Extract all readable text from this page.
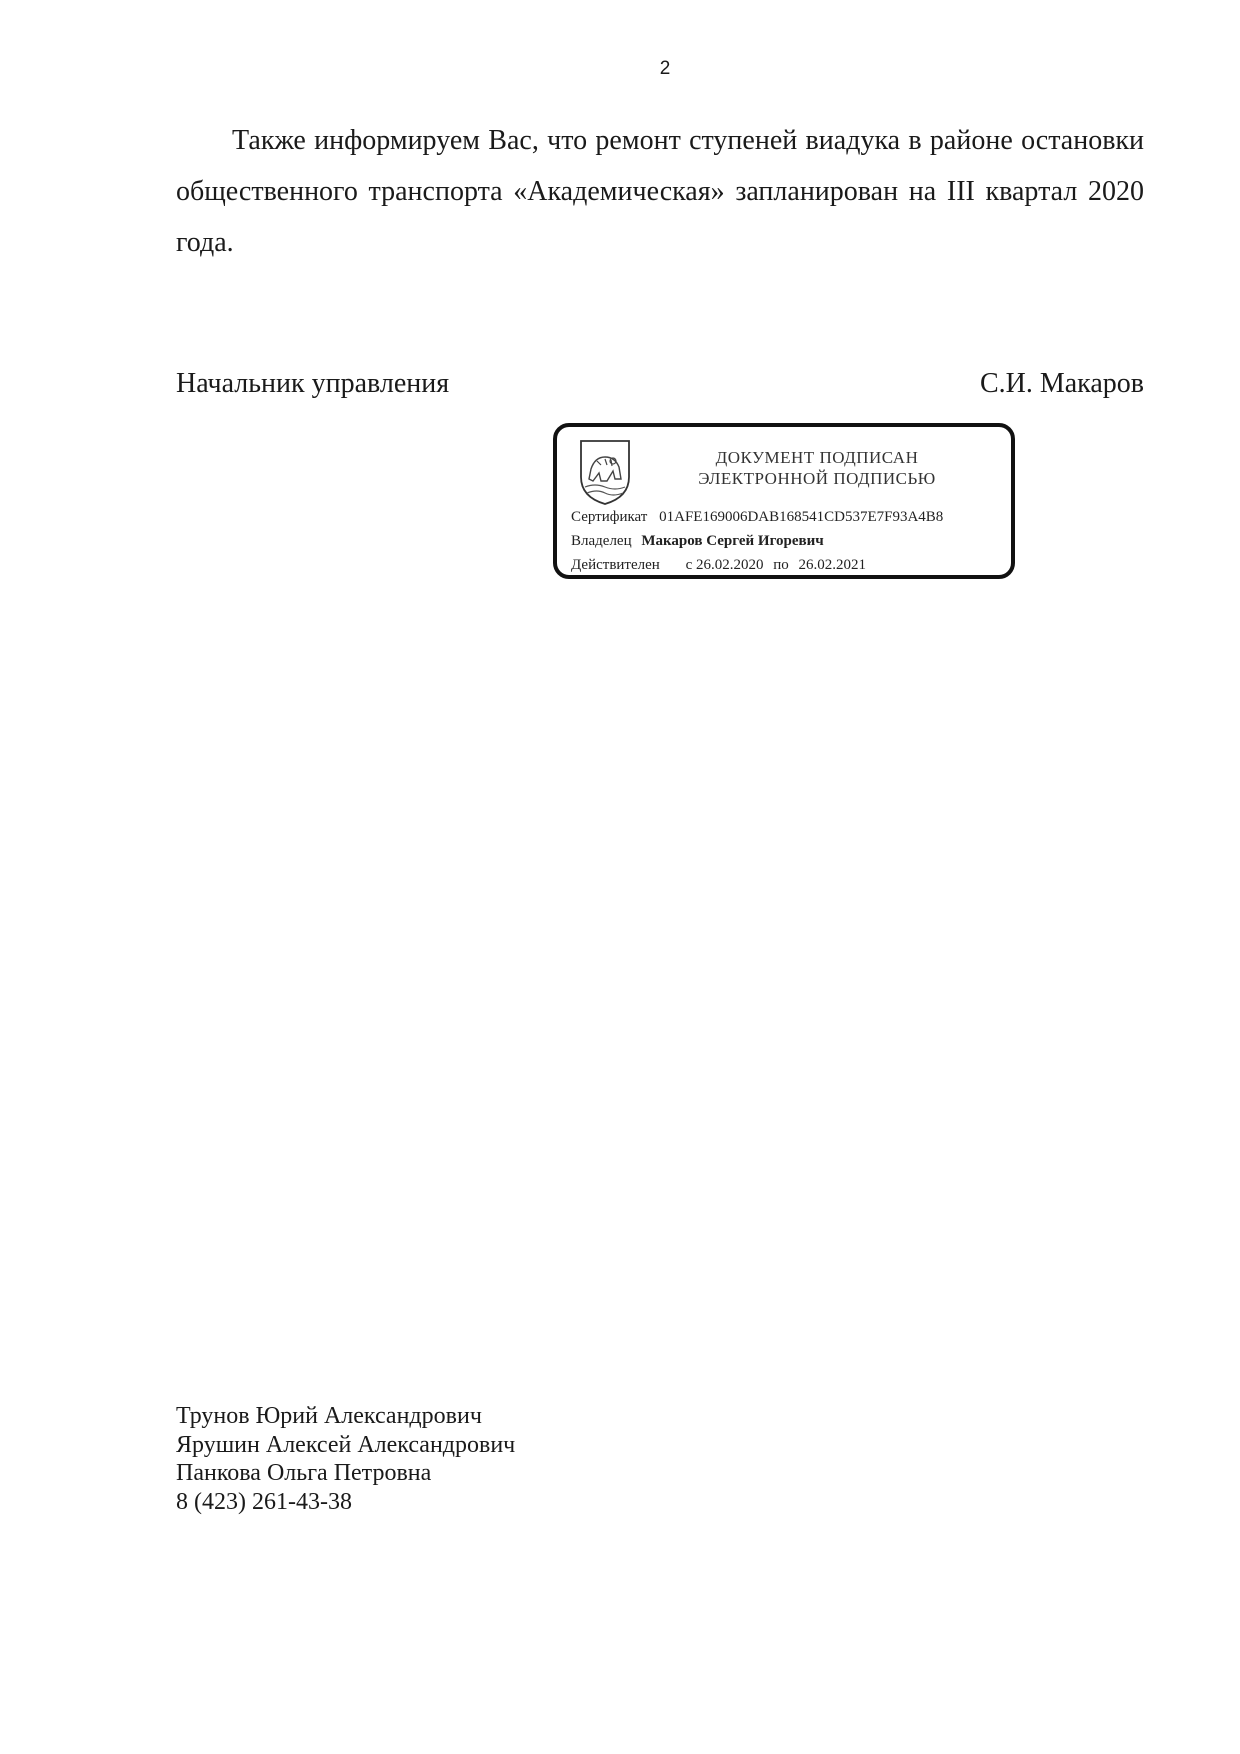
2

Также информируем Вас, что ремонт ступеней виадука в районе остановки общественного транспорта «Академическая» запланирован на III квартал 2020 года.

Начальник управления	С.И. Макаров
ДОКУМЕНТ ПОДПИСАН
ЭЛЕКТРОННОЙ ПОДПИСЬЮ
Сертификат 01AFE169006DAB168541CD537E7F93A4B8
Владелец Макаров Сергей Игоревич
Действителен с 26.02.2020 по 26.02.2021
Трунов Юрий Александрович
Ярушин Алексей Александрович
Панкова Ольга Петровна
8 (423) 261-43-38
